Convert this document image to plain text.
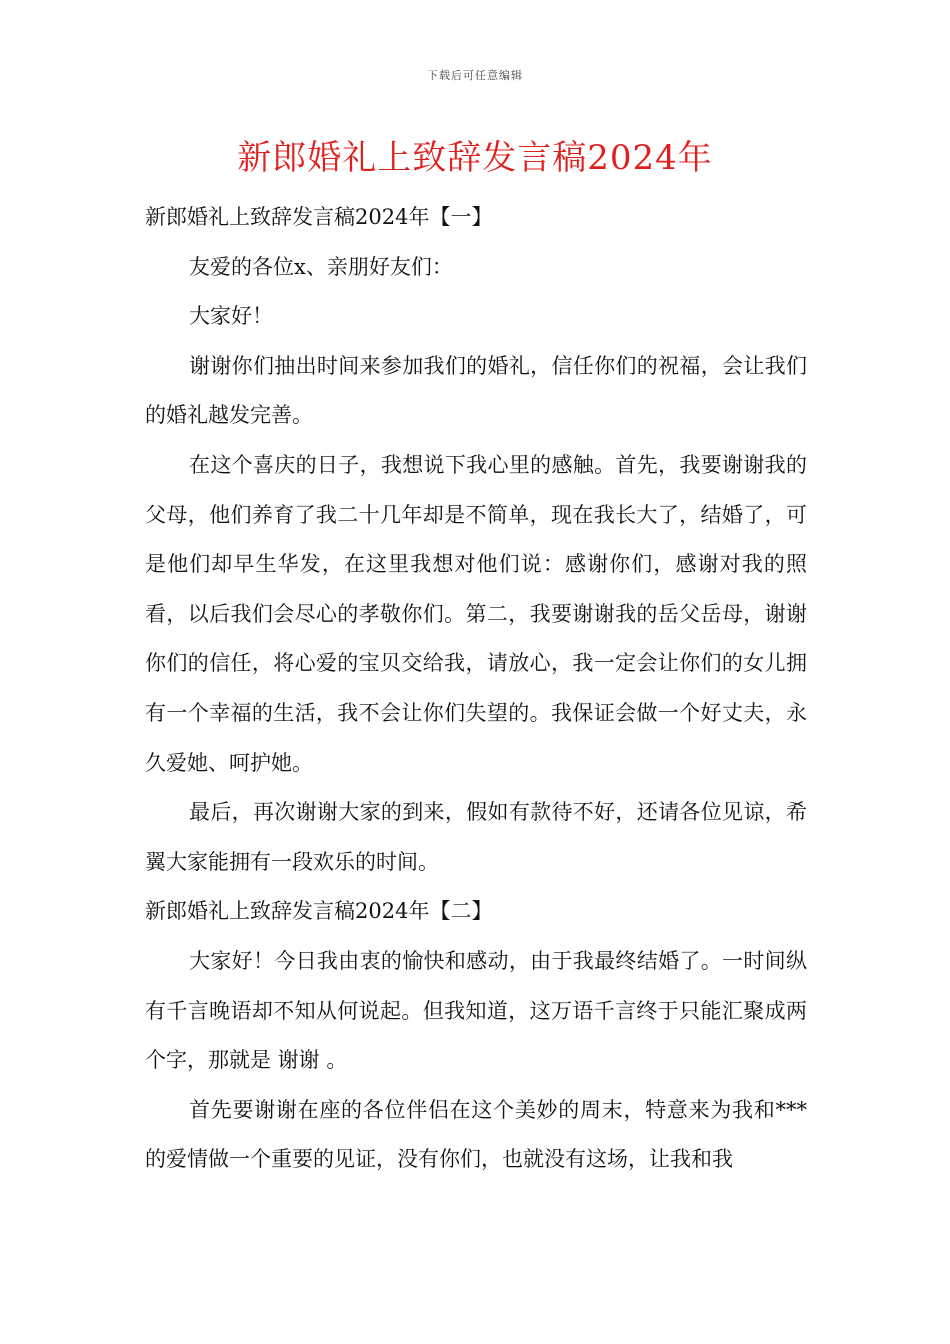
下载后可任意编辑
新郎婚礼上致辞发言稿2024年

新郎婚礼上致辞发言稿2024年【一】

友爱的各位x、亲朋好友们：

大家好！

谢谢你们抽出时间来参加我们的婚礼，信任你们的祝福，会让我们的婚礼越发完善。

在这个喜庆的日子，我想说下我心里的感触。首先，我要谢谢我的父母，他们养育了我二十几年却是不简单，现在我长大了，结婚了，可是他们却早生华发，在这里我想对他们说：感谢你们，感谢对我的照看，以后我们会尽心的孝敬你们。第二，我要谢谢我的岳父岳母，谢谢你们的信任，将心爱的宝贝交给我，请放心，我一定会让你们的女儿拥有一个幸福的生活，我不会让你们失望的。我保证会做一个好丈夫，永久爱她、呵护她。

最后，再次谢谢大家的到来，假如有款待不好，还请各位见谅，希翼大家能拥有一段欢乐的时间。

新郎婚礼上致辞发言稿2024年【二】

大家好！今日我由衷的愉快和感动，由于我最终结婚了。一时间纵有千言晚语却不知从何说起。但我知道，这万语千言终于只能汇聚成两个字，那就是 谢谢 。

首先要谢谢在座的各位伴侣在这个美妙的周末，特意来为我和***的爱情做一个重要的见证，没有你们，也就没有这场，让我和我
